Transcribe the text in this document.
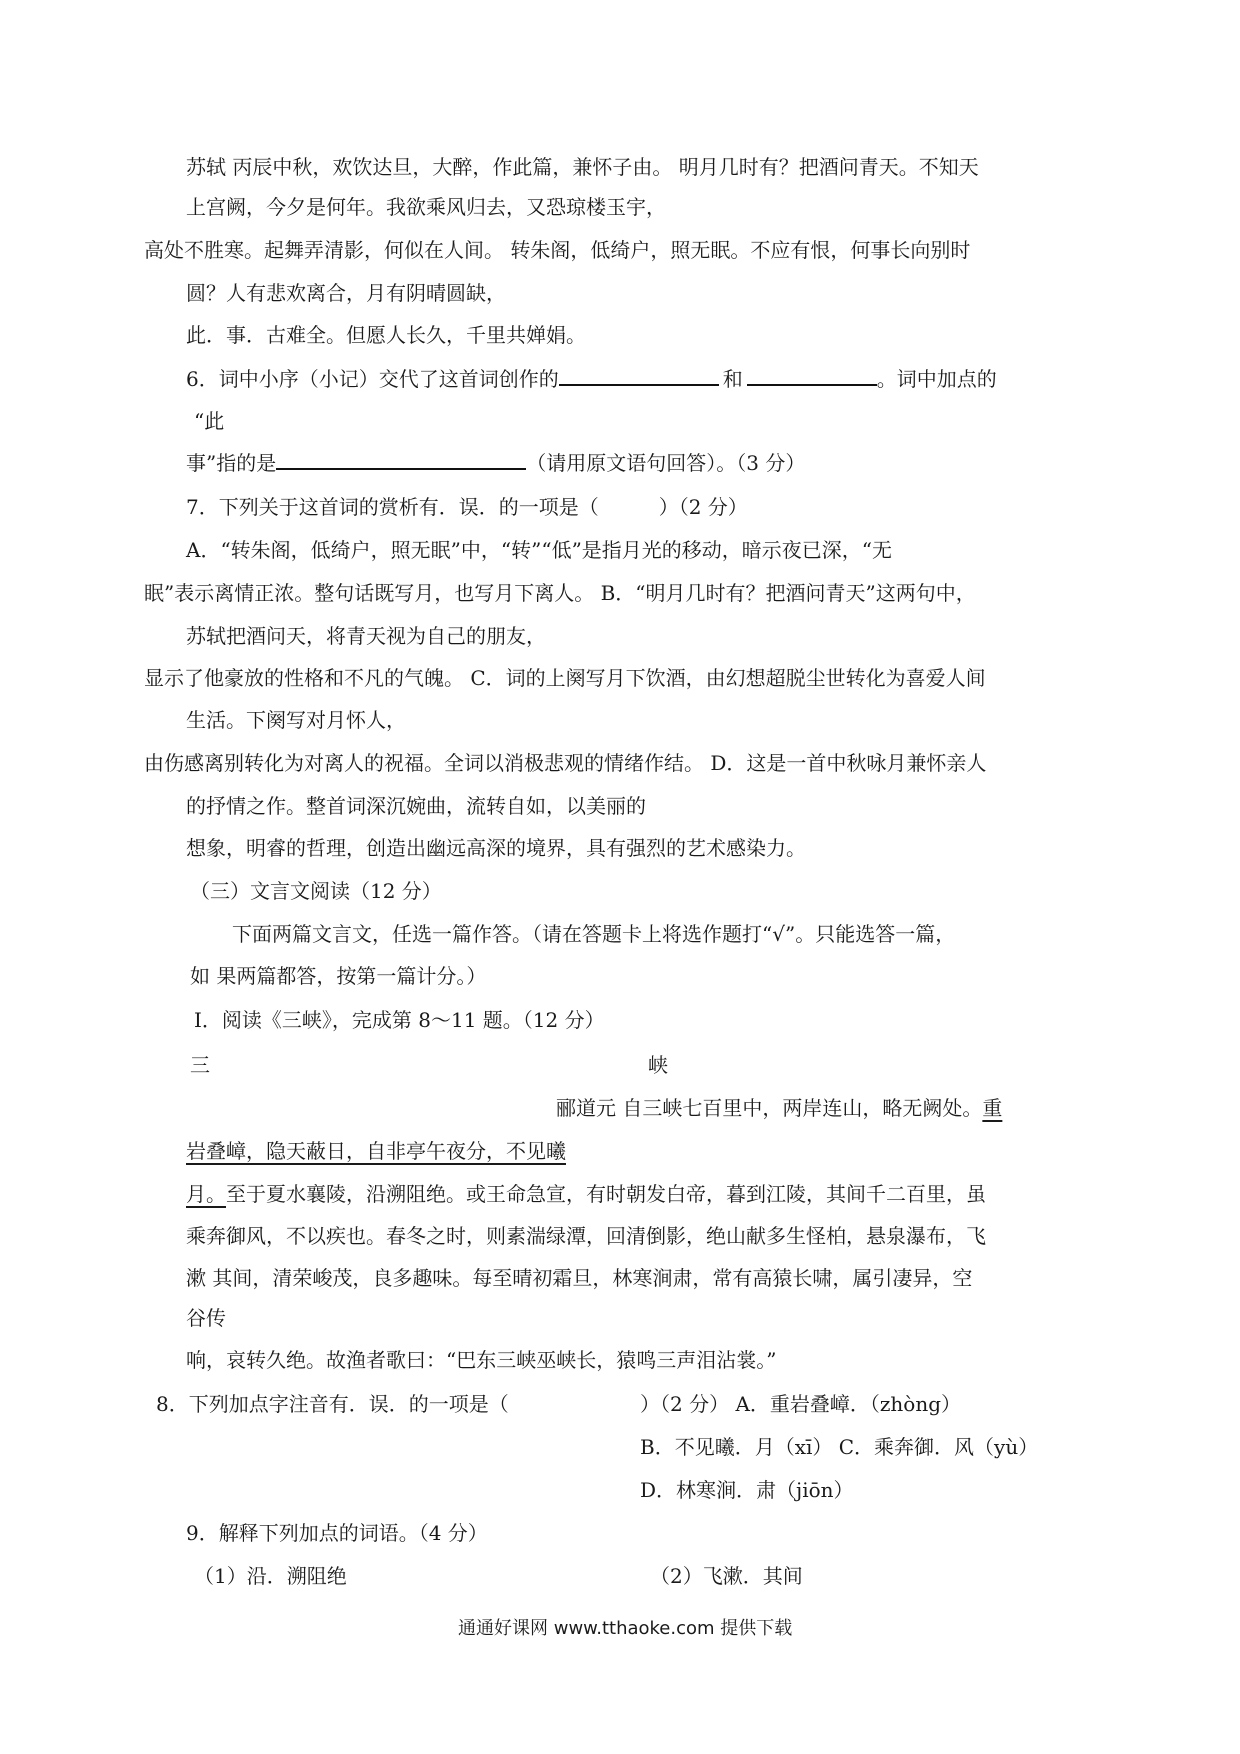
苏轼 丙辰中秋，欢饮达旦，大醉，作此篇，兼怀子由。 明月几时有？把酒问青天。不知天
上宫阙，今夕是何年。我欲乘风归去，又恐琼楼玉宇，
高处不胜寒。起舞弄清影，何似在人间。 转朱阁，低绮户，照无眠。不应有恨，何事长向别时
圆？人有悲欢离合，月有阴晴圆缺，
此．事．古难全。但愿人长久，千里共婵娟。
6．词中小序（小记）交代了这首词创作的	和	。词中加点的
“此
事”指的是	（请用原文语句回答）。（3 分）
7．下列关于这首词的赏析有．误．的一项是（　　　）（2 分）
A．“转朱阁，低绮户，照无眠”中，“转”“低”是指月光的移动，暗示夜已深，“无
眠”表示离情正浓。整句话既写月，也写月下离人。 B．“明月几时有？把酒问青天”这两句中，
苏轼把酒问天，将青天视为自己的朋友，
显示了他豪放的性格和不凡的气魄。 C．词的上阕写月下饮酒，由幻想超脱尘世转化为喜爱人间
生活。下阕写对月怀人，
由伤感离别转化为对离人的祝福。全词以消极悲观的情绪作结。 D．这是一首中秋咏月兼怀亲人
的抒情之作。整首词深沉婉曲，流转自如，以美丽的
想象，明睿的哲理，创造出幽远高深的境界，具有强烈的艺术感染力。
（三）文言文阅读（12 分）
下面两篇文言文，任选一篇作答。（请在答题卡上将选作题打“√”。只能选答一篇，
如 果两篇都答，按第一篇计分。）
Ⅰ．阅读《三峡》，完成第 8～11 题。（12 分）
三	峡
郦道元 自三峡七百里中，两岸连山，略无阙处。重
岩叠嶂，隐天蔽日，自非亭午夜分，不见曦
月。至于夏水襄陵，沿溯阻绝。或王命急宣，有时朝发白帝，暮到江陵，其间千二百里，虽
乘奔御风，不以疾也。春冬之时，则素湍绿潭，回清倒影，绝山献多生怪柏，悬泉瀑布，飞
漱 其间，清荣峻茂，良多趣味。每至晴初霜旦，林寒涧肃，常有高猿长啸，属引凄异，空
谷传
响，哀转久绝。故渔者歌曰：“巴东三峡巫峡长，猿鸣三声泪沾裳。”
8．下列加点字注音有．误．的一项是（	）（2 分） A．重岩叠嶂．（zhòng）
B．不见曦．月（xī） C．乘奔御．风（yù）
D．林寒涧．肃（jiōn）
9．解释下列加点的词语。（4 分）
（1）沿．溯阻绝	（2）飞漱．其间
通通好课网 www.tthaoke.com 提供下载
